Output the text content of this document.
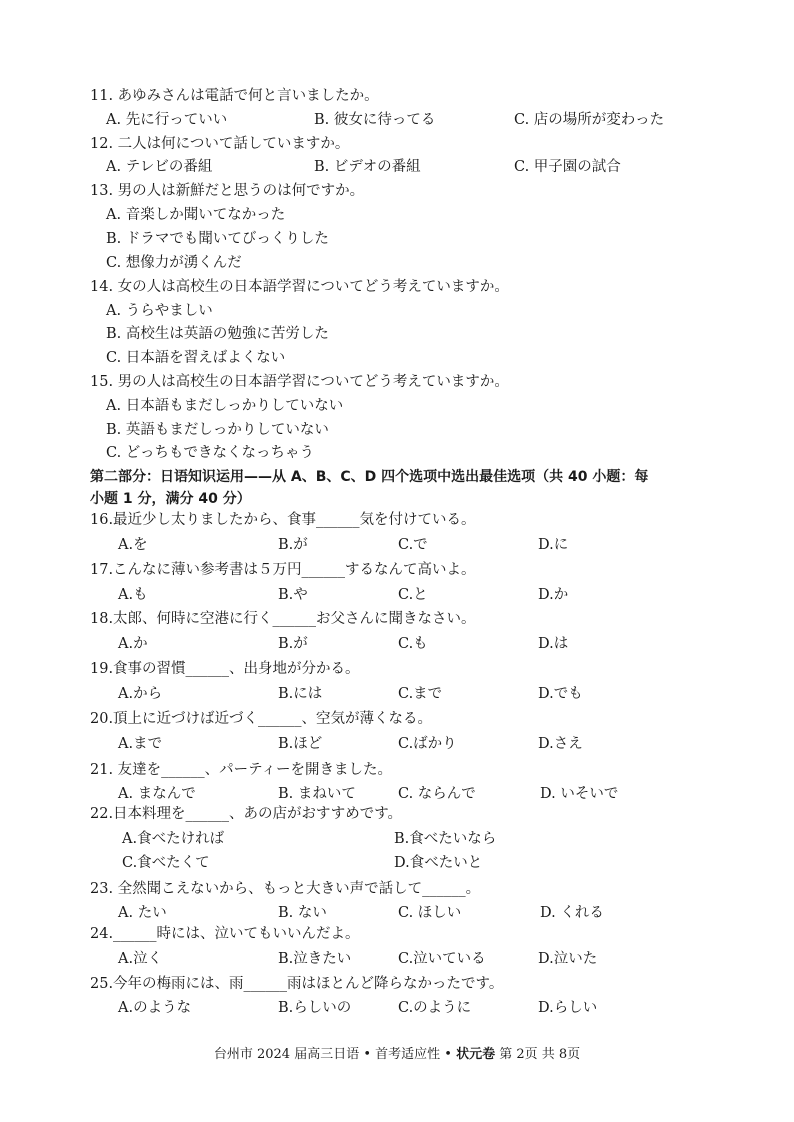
11. あゆみさんは電話で何と言いましたか。
A. 先に行っていい	B. 彼女に待ってる	C. 店の場所が変わった
12. 二人は何について話していますか。
A. テレビの番組	B. ビデオの番組	C. 甲子園の試合
13. 男の人は新鮮だと思うのは何ですか。
A. 音楽しか聞いてなかった
B. ドラマでも聞いてびっくりした
C. 想像力が湧くんだ
14. 女の人は高校生の日本語学習についてどう考えていますか。
A. うらやましい
B. 高校生は英語の勉強に苦労した
C. 日本語を習えばよくない
15. 男の人は高校生の日本語学習についてどう考えていますか。
A. 日本語もまだしっかりしていない
B. 英語もまだしっかりしていない
C. どっちもできなくなっちゃう
第二部分：日语知识运用——从 A、B、C、D 四个选项中选出最佳选项（共 40 小题：每
小题 1 分，满分 40 分）
16.最近少し太りましたから、食事______気を付けている。
A.を	B.が	C.で	D.に
17.こんなに薄い参考書は５万円______するなんて高いよ。
A.も	B.や	C.と	D.か
18.太郎、何時に空港に行く______お父さんに聞きなさい。
A.か	B.が	C.も	D.は
19.食事の習慣______、出身地が分かる。
A.から	B.には	C.まで	D.でも
20.頂上に近づけば近づく______、空気が薄くなる。
A.まで	B.ほど	C.ばかり	D.さえ
21. 友達を______、パーティーを開きました。
A. まなんで	B. まねいて	C. ならんで	D. いそいで
22.日本料理を______、あの店がおすすめです。
A.食べたければ	B.食べたいなら
C.食べたくて	D.食べたいと
23. 全然聞こえないから、もっと大きい声で話して______。
A. たい	B. ない	C. ほしい	D. くれる
24.______時には、泣いてもいいんだよ。
A.泣く	B.泣きたい	C.泣いている	D.泣いた
25.今年の梅雨には、雨______雨はほとんど降らなかったです。
A.のような	B.らしいの	C.のように	D.らしい
台州市 2024 届高三日语 • 首考适应性 • 状元卷 第 2页 共 8页
